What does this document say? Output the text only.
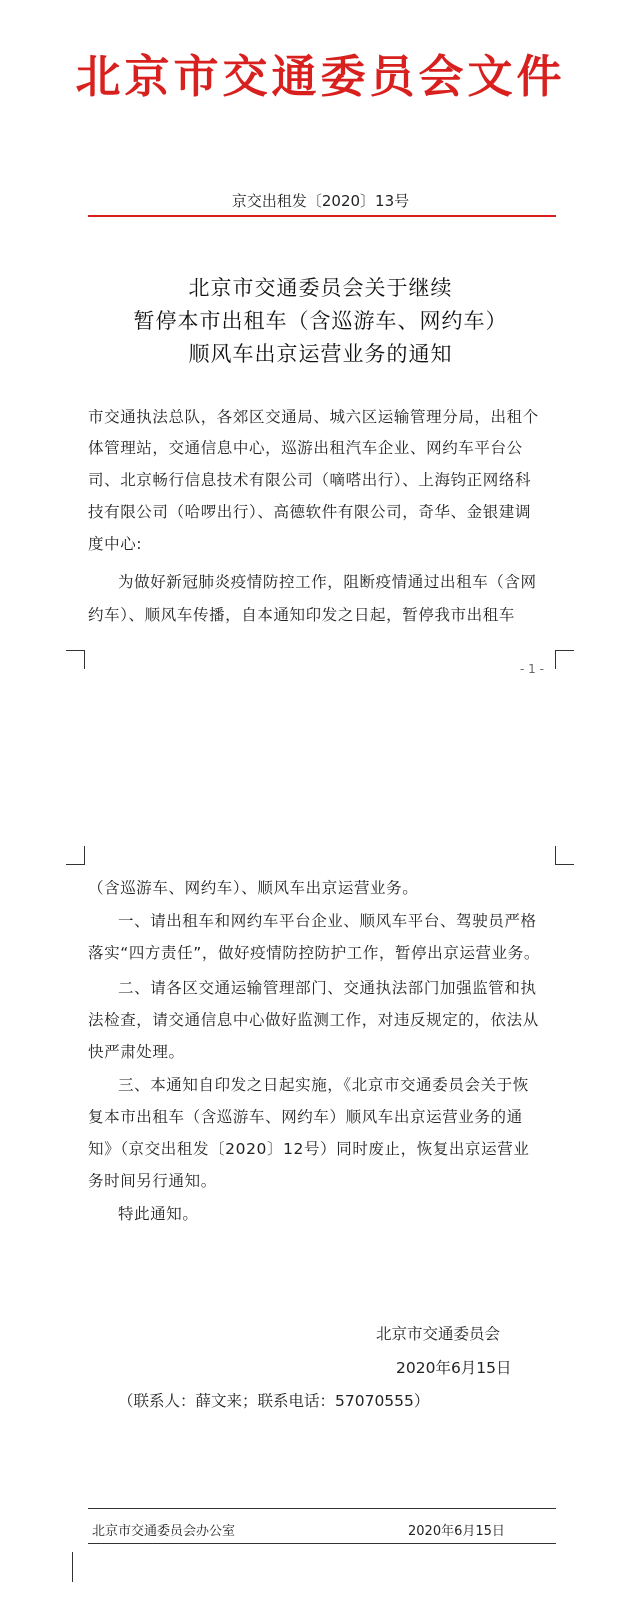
北京市交通委员会文件
京交出租发〔2020〕13号
北京市交通委员会关于继续
暂停本市出租车（含巡游车、网约车）
顺风车出京运营业务的通知
市交通执法总队，各郊区交通局、城六区运输管理分局，出租个
体管理站，交通信息中心，巡游出租汽车企业、网约车平台公
司、北京畅行信息技术有限公司（嘀嗒出行）、上海钧正网络科
技有限公司（哈啰出行）、高德软件有限公司，奇华、金银建调
度中心:
为做好新冠肺炎疫情防控工作，阻断疫情通过出租车（含网
约车）、顺风车传播，自本通知印发之日起，暂停我市出租车
- 1 -
（含巡游车、网约车）、顺风车出京运营业务。
一、请出租车和网约车平台企业、顺风车平台、驾驶员严格
落实“四方责任”，做好疫情防控防护工作，暂停出京运营业务。
二、请各区交通运输管理部门、交通执法部门加强监管和执
法检查，请交通信息中心做好监测工作，对违反规定的，依法从
快严肃处理。
三、本通知自印发之日起实施，《北京市交通委员会关于恢
复本市出租车（含巡游车、网约车）顺风车出京运营业务的通
知》（京交出租发〔2020〕12号）同时废止，恢复出京运营业
务时间另行通知。
特此通知。
北京市交通委员会
2020年6月15日
（联系人：薛文来；联系电话：57070555）
北京市交通委员会办公室	2020年6月15日
